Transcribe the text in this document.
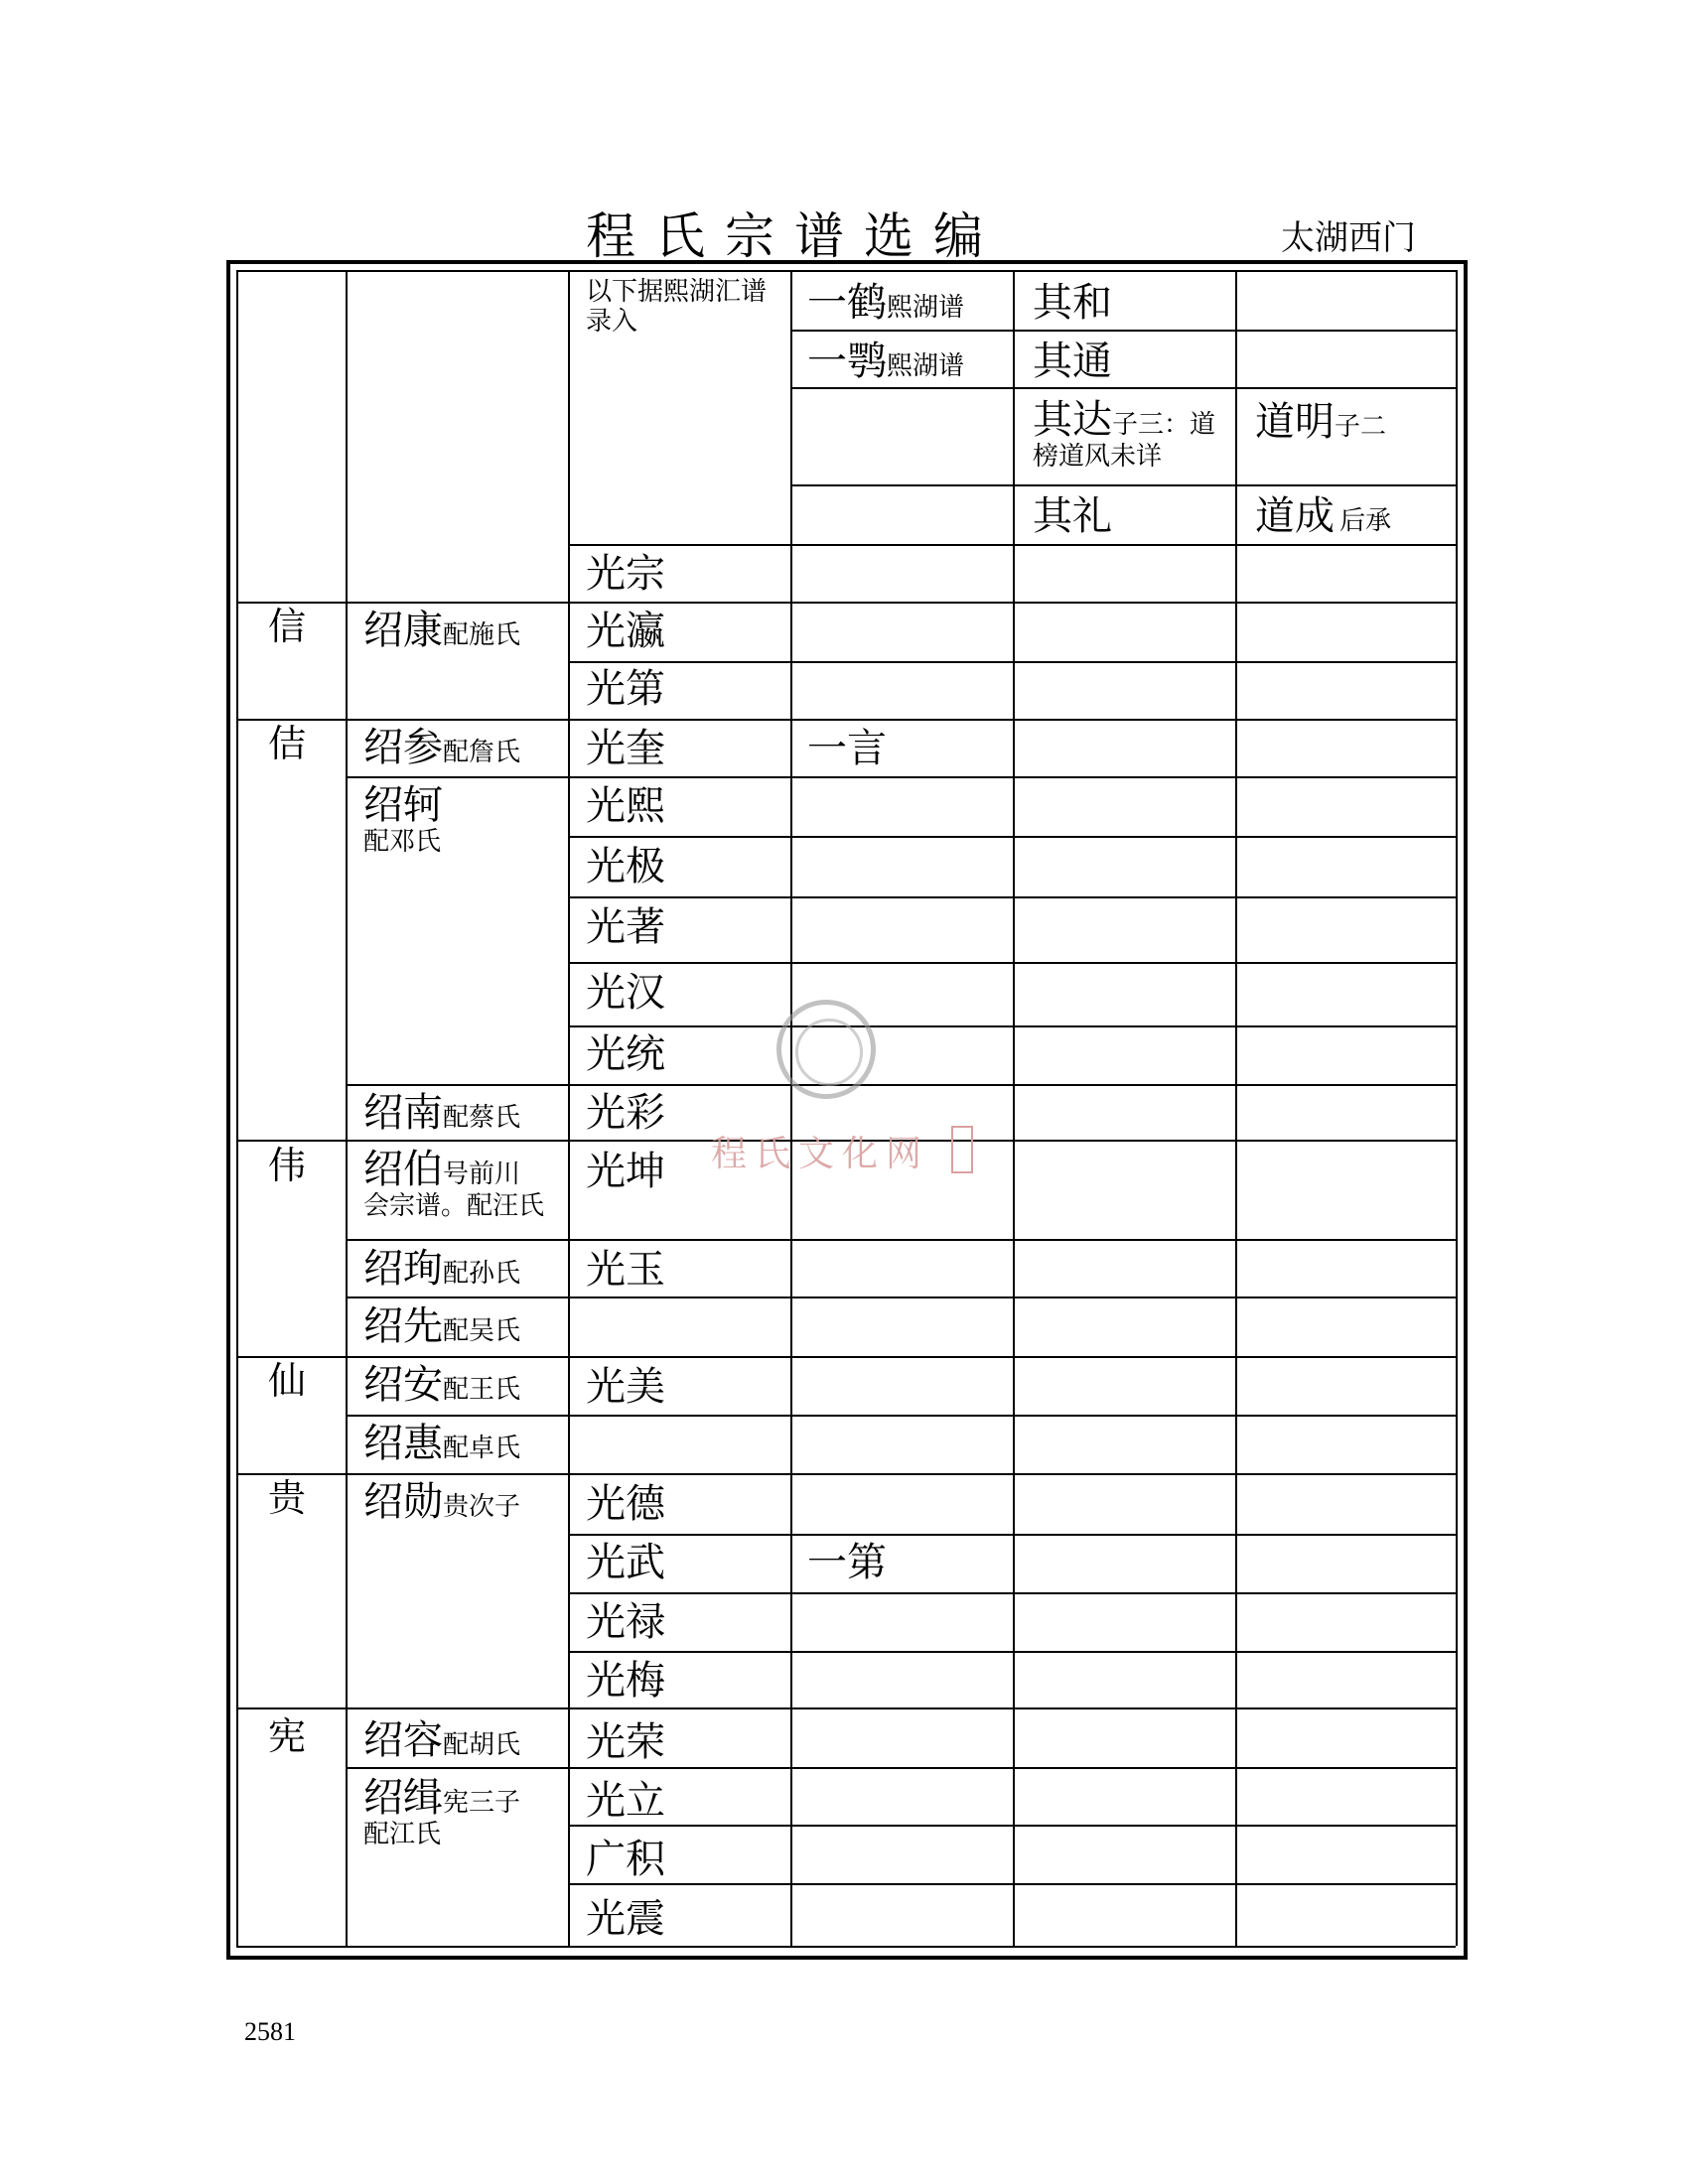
程氏宗谱选编	太湖西门
程氏文化网
2581
信
佶
伟
仙
贵
宪
绍康配施氏
绍参配詹氏
绍轲
配邓氏
绍南配蔡氏
绍伯号前川
会宗谱。配汪氏
绍珣配孙氏
绍先配吴氏
绍安配王氏
绍惠配卓氏
绍勋贵次子
绍容配胡氏
绍缉宪三子
配江氏
以下据熙湖汇谱录入
光宗
光瀛
光第
光奎
光熙
光极
光著
光汉
光统
光彩
光坤
光玉
光美
光德
光武
光禄
光梅
光荣
光立
广积
光震
一鹤熙湖谱
一鹗熙湖谱
一言
一第
其和
其通
其达子三：道
榜道风未详
其礼
道明子二
道成 后承
